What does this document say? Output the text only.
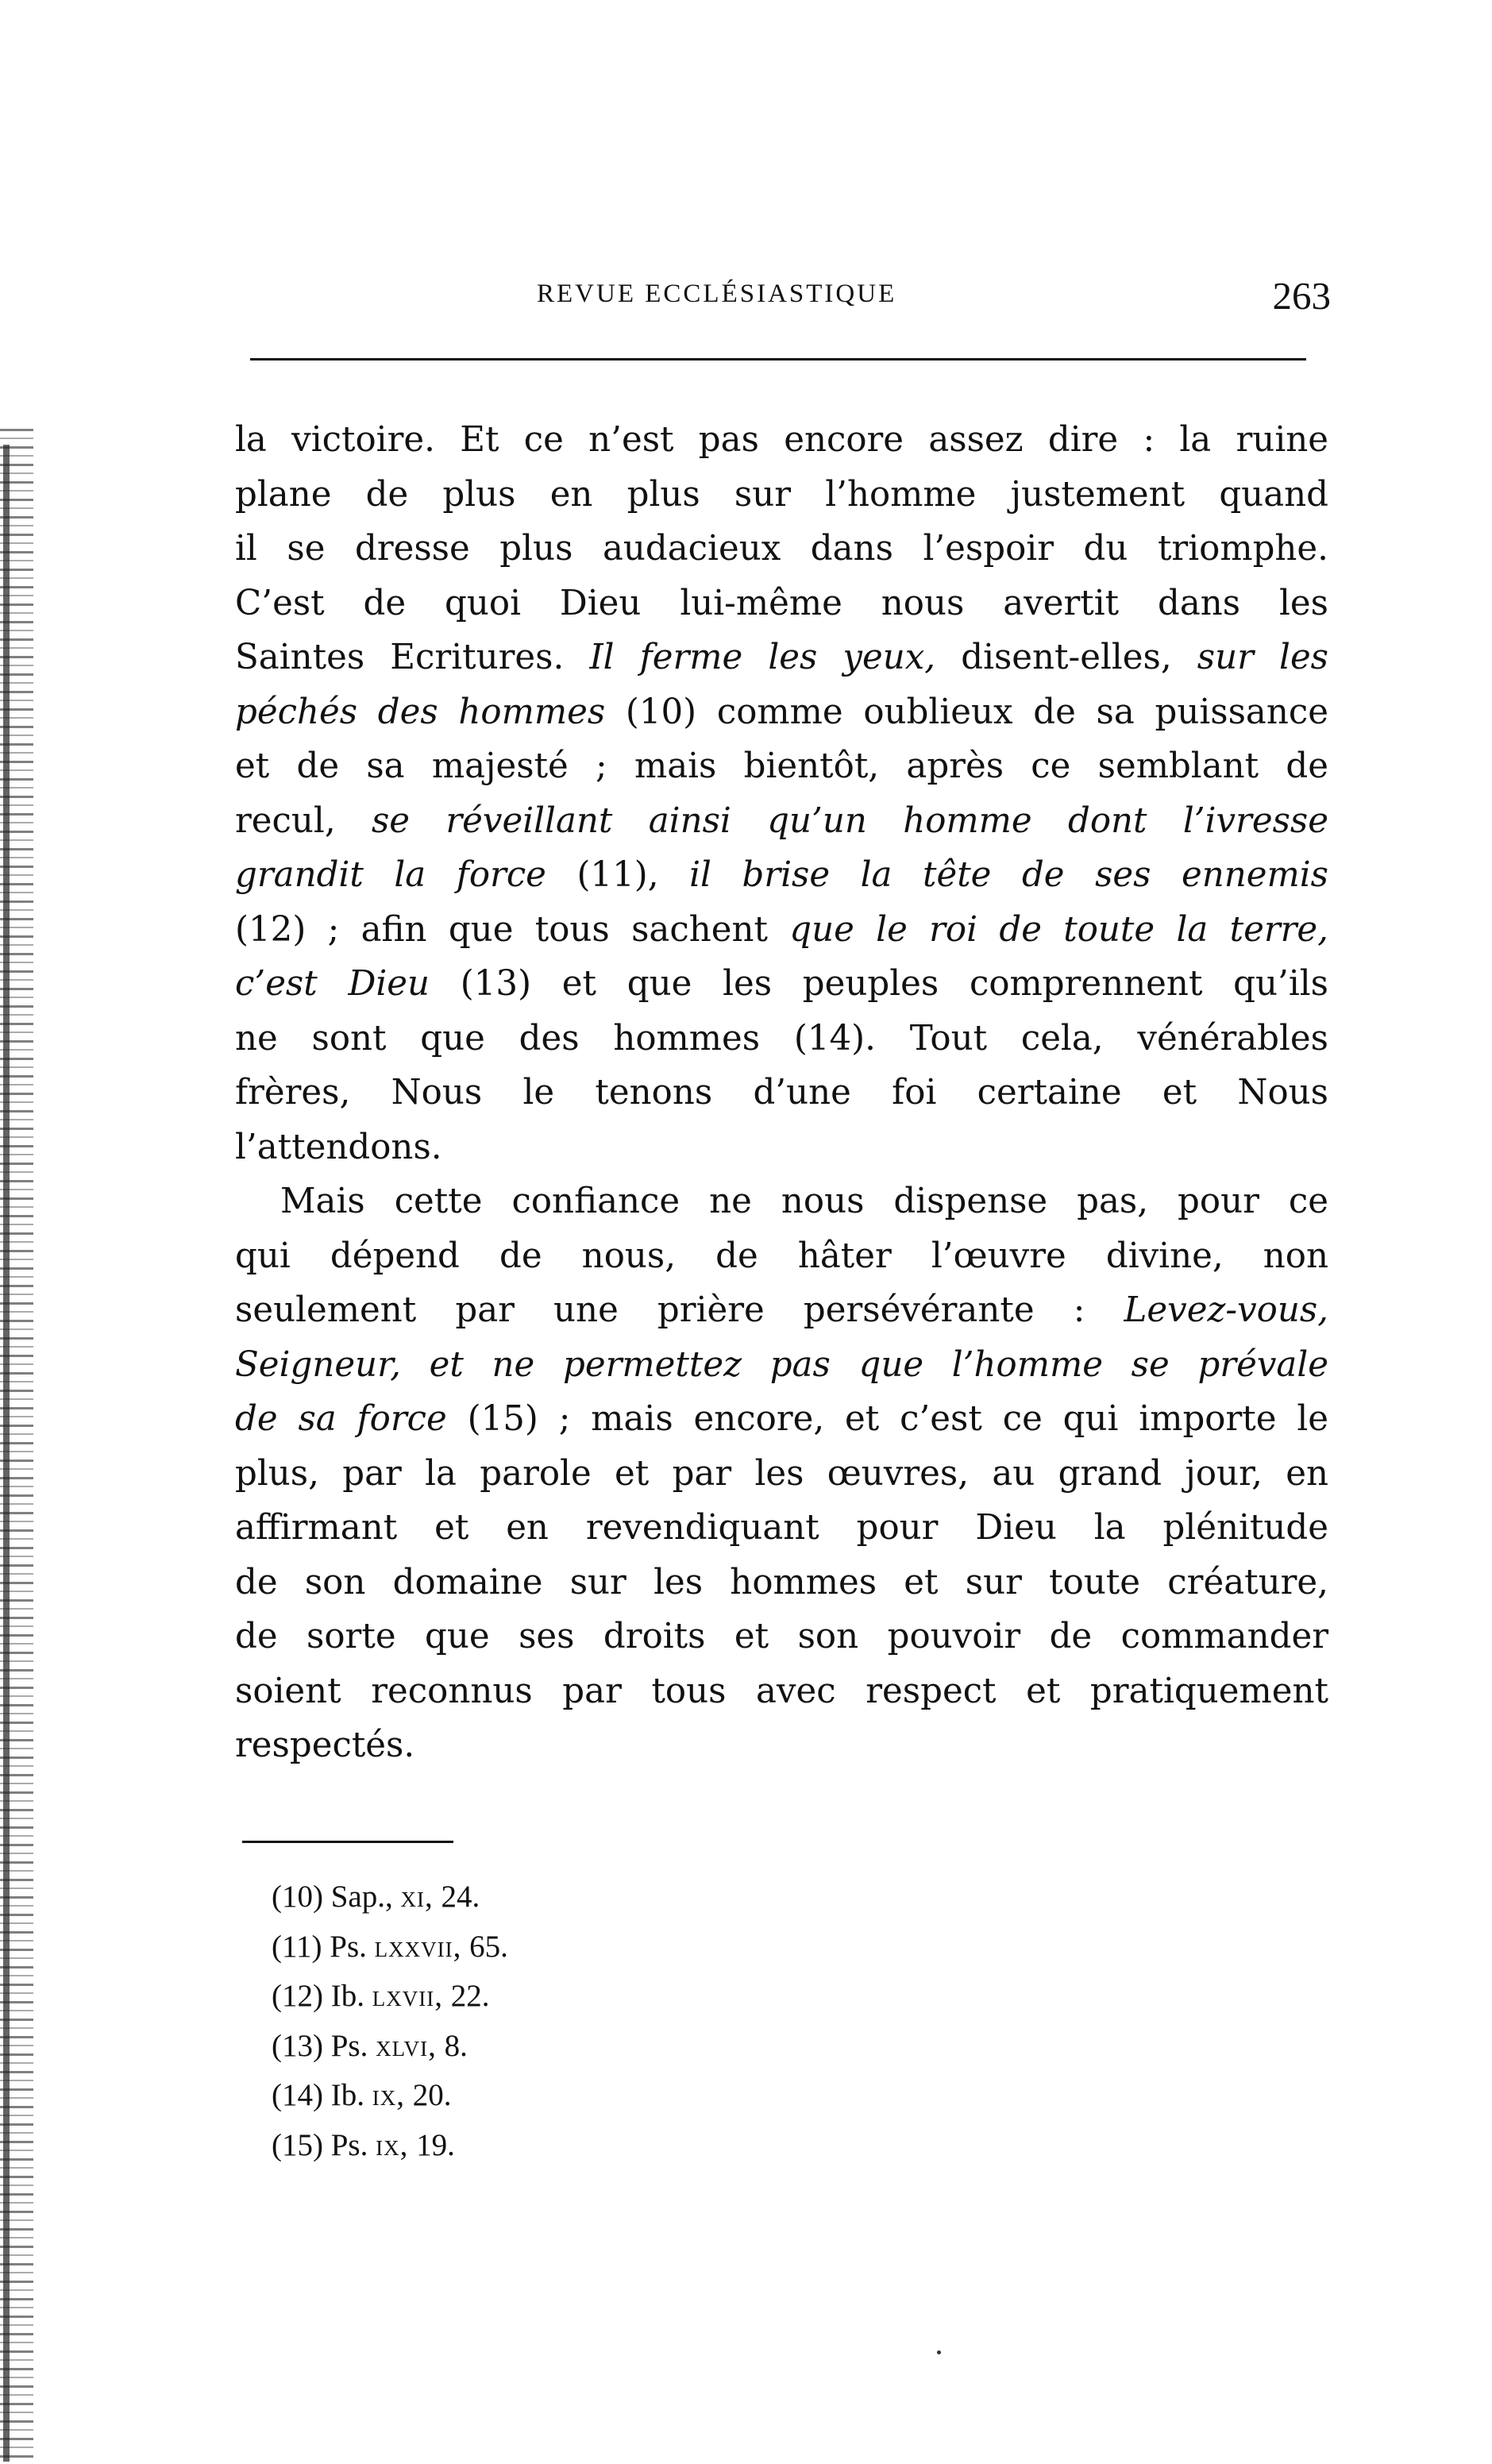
REVUE ECCLÉSIASTIQUE	263
la victoire. Et ce n’est pas encore assez dire : la ruine
plane de plus en plus sur l’homme justement quand
il se dresse plus audacieux dans l’espoir du triomphe.
C’est de quoi Dieu lui-même nous avertit dans les
Saintes Ecritures. Il ferme les yeux, disent-elles, sur les
péchés des hommes (10) comme oublieux de sa puissance
et de sa majesté ; mais bientôt, après ce semblant de
recul, se réveillant ainsi qu’un homme dont l’ivresse
grandit la force (11), il brise la tête de ses ennemis
(12) ; afin que tous sachent que le roi de toute la terre,
c’est Dieu (13) et que les peuples comprennent qu’ils
ne sont que des hommes (14). Tout cela, vénérables
frères, Nous le tenons d’une foi certaine et Nous
l’attendons.
Mais cette confiance ne nous dispense pas, pour ce
qui dépend de nous, de hâter l’œuvre divine, non
seulement par une prière persévérante : Levez-vous,
Seigneur, et ne permettez pas que l’homme se prévale
de sa force (15) ; mais encore, et c’est ce qui importe le
plus, par la parole et par les œuvres, au grand jour, en
affirmant et en revendiquant pour Dieu la plénitude
de son domaine sur les hommes et sur toute créature,
de sorte que ses droits et son pouvoir de commander
soient reconnus par tous avec respect et pratiquement
respectés.
(10) Sap., xi, 24.
(11) Ps. lxxvii, 65.
(12) Ib. lxvii, 22.
(13) Ps. xlvi, 8.
(14) Ib. ix, 20.
(15) Ps. ix, 19.
